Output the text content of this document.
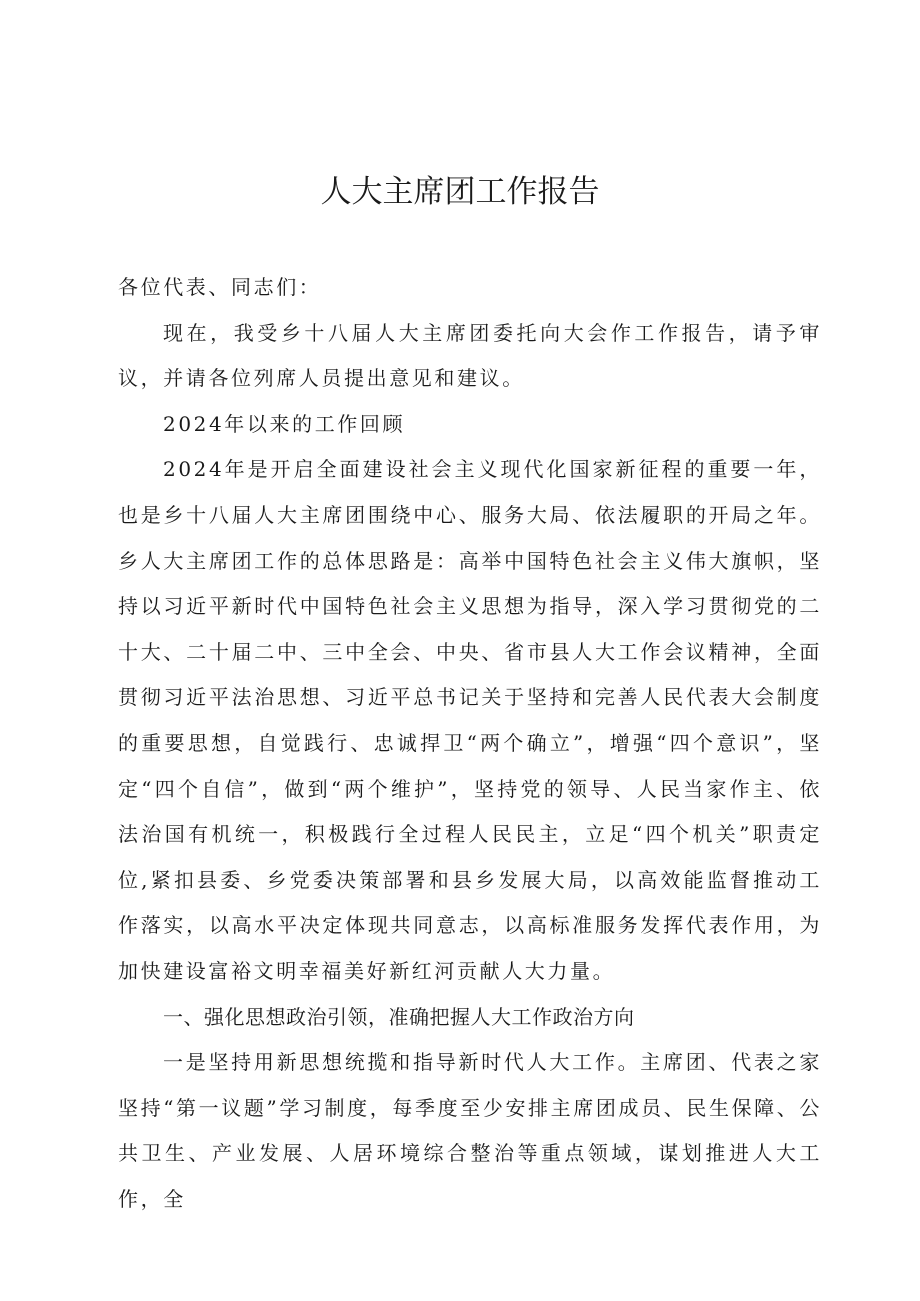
人大主席团工作报告

各位代表、同志们：

现在，我受乡十八届人大主席团委托向大会作工作报告，请予审议，并请各位列席人员提出意见和建议。

2024年以来的工作回顾

2024年是开启全面建设社会主义现代化国家新征程的重要一年，也是乡十八届人大主席团围绕中心、服务大局、依法履职的开局之年。乡人大主席团工作的总体思路是：高举中国特色社会主义伟大旗帜，坚持以习近平新时代中国特色社会主义思想为指导，深入学习贯彻党的二十大、二十届二中、三中全会、中央、省市县人大工作会议精神，全面贯彻习近平法治思想、习近平总书记关于坚持和完善人民代表大会制度的重要思想，自觉践行、忠诚捍卫“两个确立”，增强“四个意识”，坚定“四个自信”，做到“两个维护”，坚持党的领导、人民当家作主、依法治国有机统一，积极践行全过程人民民主，立足“四个机关”职责定位,紧扣县委、乡党委决策部署和县乡发展大局，以高效能监督推动工作落实，以高水平决定体现共同意志，以高标准服务发挥代表作用，为加快建设富裕文明幸福美好新红河贡献人大力量。

一、强化思想政治引领，准确把握人大工作政治方向

一是坚持用新思想统揽和指导新时代人大工作。主席团、代表之家坚持“第一议题”学习制度，每季度至少安排主席团成员、民生保障、公共卫生、产业发展、人居环境综合整治等重点领域，谋划推进人大工作，全
